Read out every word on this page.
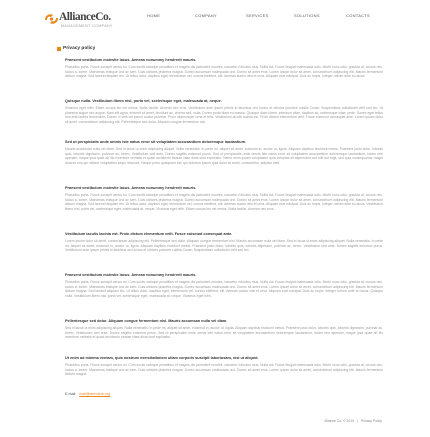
AllianceCo.
MANAGEMENT COMPANY
HOME	COMPANY	SERVICES	SOLUTIONS	CONTACTS
Privacy policy
Praesent vestibulum molestie lacus. Aenean nonummy hendrerit mauris.
Phasellus porta. Fusce suscipit varius mi. Cum sociis natoque penatibus et magnis dis parturient montes, nascetur ridiculus mus. Nulla dui. Fusce feugiat malesuada odio. Morbi nunc odio, gravida at, cursus nec, luctus a, lorem. Maecenas tristique orci ac sem. Duis ultricies pharetra magna. Donec accumsan malesuada orci. Donec sit amet eros. Lorem ipsum dolor sit amet, consectetuer adipiscing elit. Mauris fermentum dictum magna. Sed laoreet aliquam leo. Ut tellus dolor, dapibus eget, elementum vel, cursus eleifend, elit. Aenean auctor wisi et urna. Aliquam erat volutpat. Duis ac turpis. Integer rutrum ante eu lacus.
Quisque nulla. Vestibulum libero nisl, porta vel, scelerisque eget, malesuada at, neque.
Vivamus eget nibh. Etiam cursus leo vel metus. Nulla facilisi. Aenean nec eros. Vestibulum ante ipsum primis in faucibus orci luctus et ultrices posuere cubilia Curae; Suspendisse sollicitudin velit sed leo. Ut pharetra augue nec augue. Nam elit agna, endrerit sit amet, tincidunt ac, viverra sed, nulla. Donec porta diam eu massa. Quisque diam lorem, interdum vitae, dapibus ac, scelerisque vitae, pede. Donec eget tellus non erat lacinia fermentum. Donec in velit vel ipsum auctor pulvinar. Proin ullamcorper urna et felis. Vestibulum iaculis lacinia est. Proin dictum elementum velit. Fusce euismod consequat ante. Lorem ipsum dolor sit amet, consectetuer adipiscing elit. Pellentesque sed dolor. Aliquam congue fermentum nisl.
Sed ut perspiciatis unde omnis iste natus error sit voluptatem accusantium doloremque laudantium.
Mauris accumsan nulla vel diam. Sed in lacus ut enim adipiscing aliquet. Nulla venenatis. In pede mi, aliquet sit amet, euismod in, auctor ut, ligula. Aliquam dapibus tincidunt metus. Praesent justo dolor, lobortis quis, lobortis dignissim, pulvinar ac, lorem. Vestibulum sed ante. Donec sagittis euismod purus. Sed ut perspiciatis unde omnis iste natus error sit voluptatem accusantium doloremque laudantium, totam rem aperiam, eaque ipsa quae ab illo inventore veritatis et quasi architecto beatae vitae dicta sunt explicabo. Nemo enim ipsam voluptatem quia voluptas sit aspernatur aut odit aut fugit, sed quia consequuntur magni dolores eos qui ratione voluptatem sequi nesciunt. Neque porro quisquam est, qui dolorem ipsum quia dolor sit amet, consectetur, adipisci velit.
Praesent vestibulum molestie lacus. Aenean nonummy hendrerit mauris.
Phasellus porta. Fusce suscipit varius mi. Cum sociis natoque penatibus et magnis dis parturient montes, nascetur ridiculus mus. Nulla dui. Fusce feugiat malesuada odio. Morbi nunc odio, gravida at, cursus nec, luctus a, lorem. Maecenas tristique orci ac sem. Duis ultricies pharetra magna. Donec accumsan malesuada orci. Donec sit amet eros. Lorem ipsum dolor sit amet, consectetuer adipiscing elit. Mauris fermentum dictum magna. Sed laoreet aliquam leo. Ut tellus dolor, dapibus eget, elementum vel, cursus eleifend, elit. Aenean auctor wisi et urna. Aliquam erat volutpat. Duis ac turpis. Integer rutrum ante eu lacus. Vestibulum libero nisl, porta vel, scelerisque eget, malesuada at, neque. Vivamus eget nibh. Etiam cursus leo vel metus. Nulla facilisi. Aenean nec eros.
Vestibulum iaculis lacinia est. Proin dictum elementum velit. Fusce euismod consequat ante.
Lorem ipsum dolor sit amet, consectetuer adipiscing elit. Pellentesque sed dolor. Aliquam congue fermentum nisl. Mauris accumsan nulla vel diam. Sed in lacus ut enim adipiscing aliquet. Nulla venenatis. In pede mi, aliquet sit amet, euismod in, auctor ut, ligula. Aliquam dapibus tincidunt metus. Praesent justo dolor, lobortis quis, lobortis dignissim, pulvinar ac, lorem. Vestibulum sed ante. Donec sagittis euismod purus. Vestibulum ante ipsum primis in faucibus orci luctus et ultrices posuere cubilia Curae; Suspendisse sollicitudin velit sed leo.
Praesent vestibulum molestie lacus. Aenean nonummy hendrerit mauris.
Phasellus porta. Fusce suscipit varius mi. Cum sociis natoque penatibus et magnis dis parturient montes, nascetur ridiculus mus. Nulla dui. Fusce feugiat malesuada odio. Morbi nunc odio, gravida at, cursus nec, luctus a, lorem. Maecenas tristique orci ac sem. Duis ultricies pharetra magna. Donec accumsan malesuada orci. Donec sit amet eros. Lorem ipsum dolor sit amet, consectetuer adipiscing elit. Mauris fermentum dictum magna. Sed laoreet aliquam leo. Ut tellus dolor, dapibus eget, elementum vel, cursus eleifend, elit. Aenean auctor wisi et urna. Aliquam erat volutpat. Duis ac turpis. Integer rutrum ante eu lacus. Quisque nulla. Vestibulum libero nisl, porta vel, scelerisque eget, malesuada at, neque. Vivamus eget nibh.
Pellentesque sed dolor. Aliquam congue fermentum nisl. Mauris accumsan nulla vel diam.
Sed in lacus ut enim adipiscing aliquet. Nulla venenatis. In pede mi, aliquet sit amet, euismod in, auctor ut, ligula. Aliquam dapibus tincidunt metus. Praesent justo dolor, lobortis quis, lobortis dignissim, pulvinar ac, lorem. Vestibulum sed ante. Donec sagittis euismod purus. Sed ut perspiciatis unde omnis iste natus error sit voluptatem accusantium doloremque laudantium, totam rem aperiam, eaque ipsa quae ab illo inventore veritatis et quasi architecto beatae vitae dicta sunt explicabo.
Ut enim ad minima veniam, quis nostrum exercitationem ullam corporis suscipit laboriosam, nisi ut aliquid.
Phasellus porta. Fusce suscipit varius mi. Cum sociis natoque penatibus et magnis dis parturient montes, nascetur ridiculus mus. Nulla dui. Fusce feugiat malesuada odio. Morbi nunc odio, gravida at, cursus nec, luctus a, lorem. Maecenas tristique orci ac sem. Duis ultricies pharetra magna. Donec accumsan malesuada orci. Donec sit amet eros. Lorem ipsum dolor sit amet, consectetuer adipiscing elit. Mauris fermentum dictum magna.
E-mail: mail@demolink.org
Alliance Co. © 2010 | Privacy Policy
